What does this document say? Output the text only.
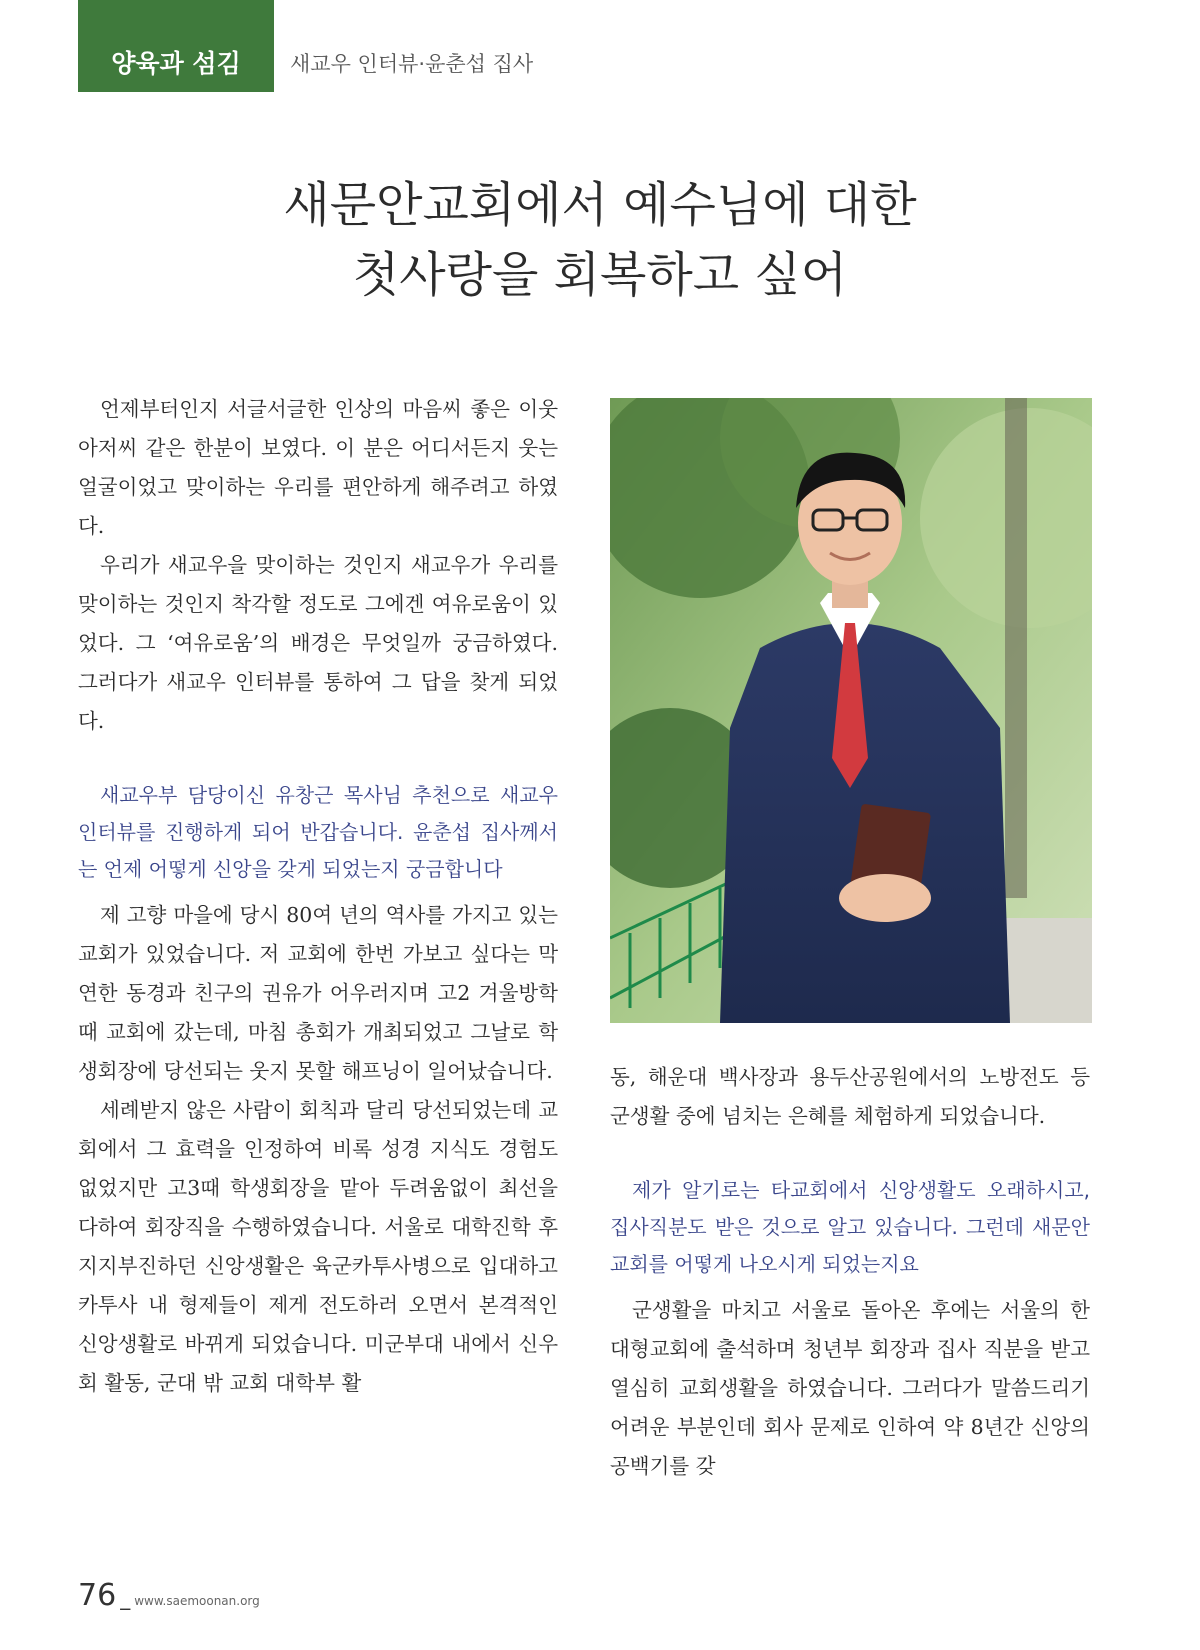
양육과 섬김 새교우 인터뷰·윤춘섭 집사
새문안교회에서 예수님에 대한
첫사랑을 회복하고 싶어

언제부터인지 서글서글한 인상의 마음씨 좋은 이웃 아저씨 같은 한분이 보였다. 이 분은 어디서든지 웃는 얼굴이었고 맞이하는 우리를 편안하게 해주려고 하였다.

우리가 새교우을 맞이하는 것인지 새교우가 우리를 맞이하는 것인지 착각할 정도로 그에겐 여유로움이 있었다. 그 ‘여유로움’의 배경은 무엇일까 궁금하였다. 그러다가 새교우 인터뷰를 통하여 그 답을 찾게 되었다.

새교우부 담당이신 유창근 목사님 추천으로 새교우 인터뷰를 진행하게 되어 반갑습니다. 윤춘섭 집사께서는 언제 어떻게 신앙을 갖게 되었는지 궁금합니다

제 고향 마을에 당시 80여 년의 역사를 가지고 있는 교회가 있었습니다. 저 교회에 한번 가보고 싶다는 막연한 동경과 친구의 권유가 어우러지며 고2 겨울방학때 교회에 갔는데, 마침 총회가 개최되었고 그날로 학생회장에 당선되는 웃지 못할 해프닝이 일어났습니다.

세례받지 않은 사람이 회칙과 달리 당선되었는데 교회에서 그 효력을 인정하여 비록 성경 지식도 경험도 없었지만 고3때 학생회장을 맡아 두려움없이 최선을 다하여 회장직을 수행하였습니다. 서울로 대학진학 후 지지부진하던 신앙생활은 육군카투사병으로 입대하고 카투사 내 형제들이 제게 전도하러 오면서 본격적인 신앙생활로 바뀌게 되었습니다. 미군부대 내에서 신우회 활동, 군대 밖 교회 대학부 활

동, 해운대 백사장과 용두산공원에서의 노방전도 등 군생활 중에 넘치는 은혜를 체험하게 되었습니다.

제가 알기로는 타교회에서 신앙생활도 오래하시고, 집사직분도 받은 것으로 알고 있습니다. 그런데 새문안교회를 어떻게 나오시게 되었는지요

군생활을 마치고 서울로 돌아온 후에는 서울의 한 대형교회에 출석하며 청년부 회장과 집사 직분을 받고 열심히 교회생활을 하였습니다. 그러다가 말씀드리기 어려운 부분인데 회사 문제로 인하여 약 8년간 신앙의 공백기를 갖

76 _ www.saemoonan.org
